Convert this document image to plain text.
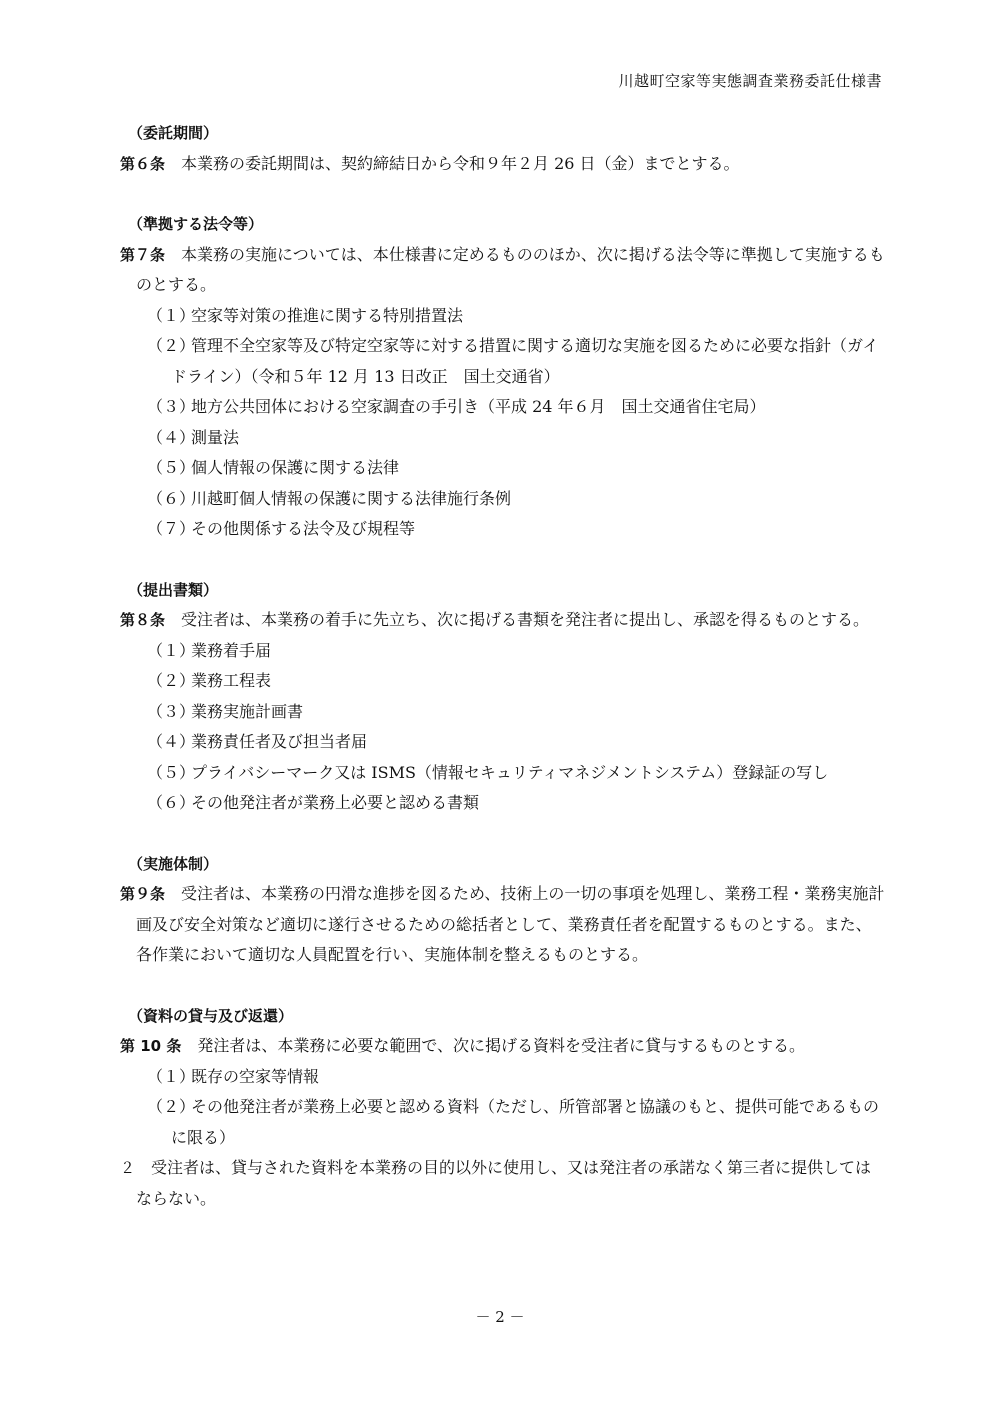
川越町空家等実態調査業務委託仕様書
（委託期間）
第６条 本業務の委託期間は、契約締結日から令和９年２月 26 日（金）までとする。
（準拠する法令等）
第７条 本業務の実施については、本仕様書に定めるもののほか、次に掲げる法令等に準拠して実施するものとする。
（１）空家等対策の推進に関する特別措置法
（２）管理不全空家等及び特定空家等に対する措置に関する適切な実施を図るために必要な指針（ガイドライン）（令和５年 12 月 13 日改正　国土交通省）
（３）地方公共団体における空家調査の手引き（平成 24 年６月　国土交通省住宅局）
（４）測量法
（５）個人情報の保護に関する法律
（６）川越町個人情報の保護に関する法律施行条例
（７）その他関係する法令及び規程等
（提出書類）
第８条 受注者は、本業務の着手に先立ち、次に掲げる書類を発注者に提出し、承認を得るものとする。
（１）業務着手届
（２）業務工程表
（３）業務実施計画書
（４）業務責任者及び担当者届
（５）プライバシーマーク又は ISMS（情報セキュリティマネジメントシステム）登録証の写し
（６）その他発注者が業務上必要と認める書類
（実施体制）
第９条 受注者は、本業務の円滑な進捗を図るため、技術上の一切の事項を処理し、業務工程・業務実施計画及び安全対策など適切に遂行させるための総括者として、業務責任者を配置するものとする。また、各作業において適切な人員配置を行い、実施体制を整えるものとする。
（資料の貸与及び返還）
第 10 条 発注者は、本業務に必要な範囲で、次に掲げる資料を受注者に貸与するものとする。
（１）既存の空家等情報
（２）その他発注者が業務上必要と認める資料（ただし、所管部署と協議のもと、提供可能であるものに限る）
２ 受注者は、貸与された資料を本業務の目的以外に使用し、又は発注者の承諾なく第三者に提供してはならない。
－ 2 －
